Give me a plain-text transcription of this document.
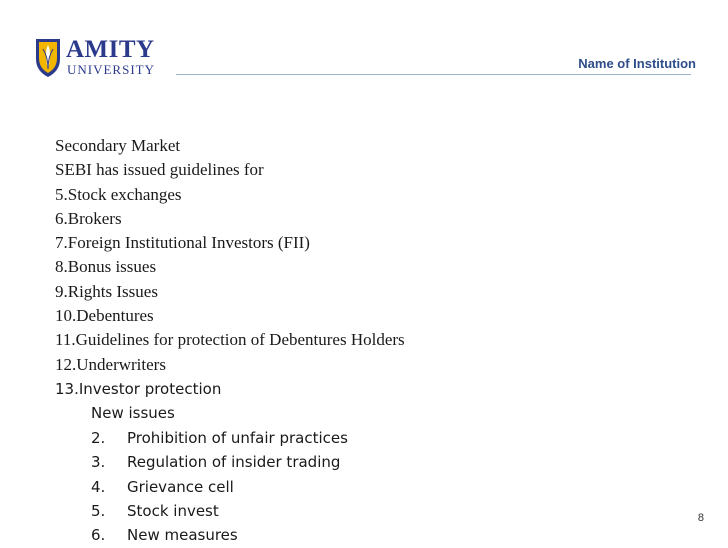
AMITY
UNIVERSITY	Name of Institution
Secondary Market
SEBI has issued guidelines for
5.Stock exchanges
6.Brokers
7.Foreign Institutional Investors (FII)
8.Bonus issues
9.Rights Issues
10.Debentures
11.Guidelines for protection of Debentures Holders
12.Underwriters
13.Investor protection
New issues
2. Prohibition of unfair practices
3. Regulation of insider trading
4. Grievance cell
5. Stock invest
6. New measures
8
